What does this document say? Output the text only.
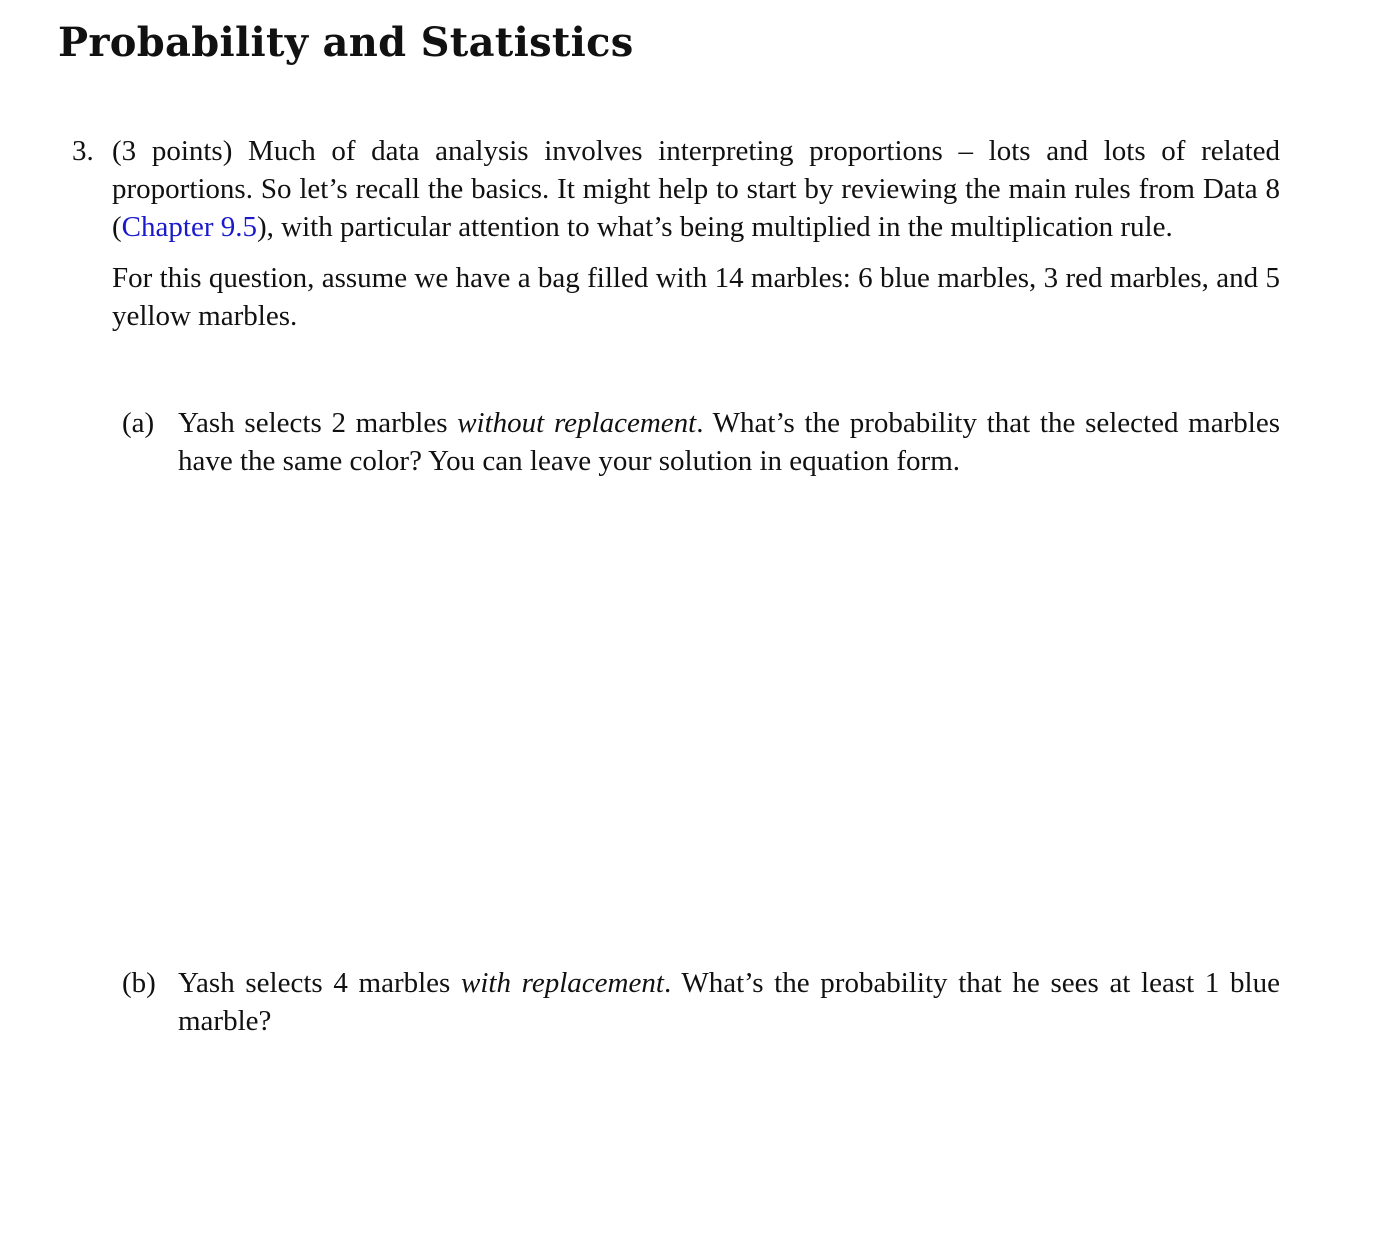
Probability and Statistics
3. (3 points) Much of data analysis involves interpreting proportions – lots and lots of related proportions. So let’s recall the basics. It might help to start by reviewing the main rules from Data 8 (Chapter 9.5), with particular attention to what’s being multiplied in the multiplication rule.

For this question, assume we have a bag filled with 14 marbles: 6 blue marbles, 3 red marbles, and 5 yellow marbles.

(a) Yash selects 2 marbles without replacement. What’s the probability that the selected marbles have the same color? You can leave your solution in equation form.

(b) Yash selects 4 marbles with replacement. What’s the probability that he sees at least 1 blue marble?
